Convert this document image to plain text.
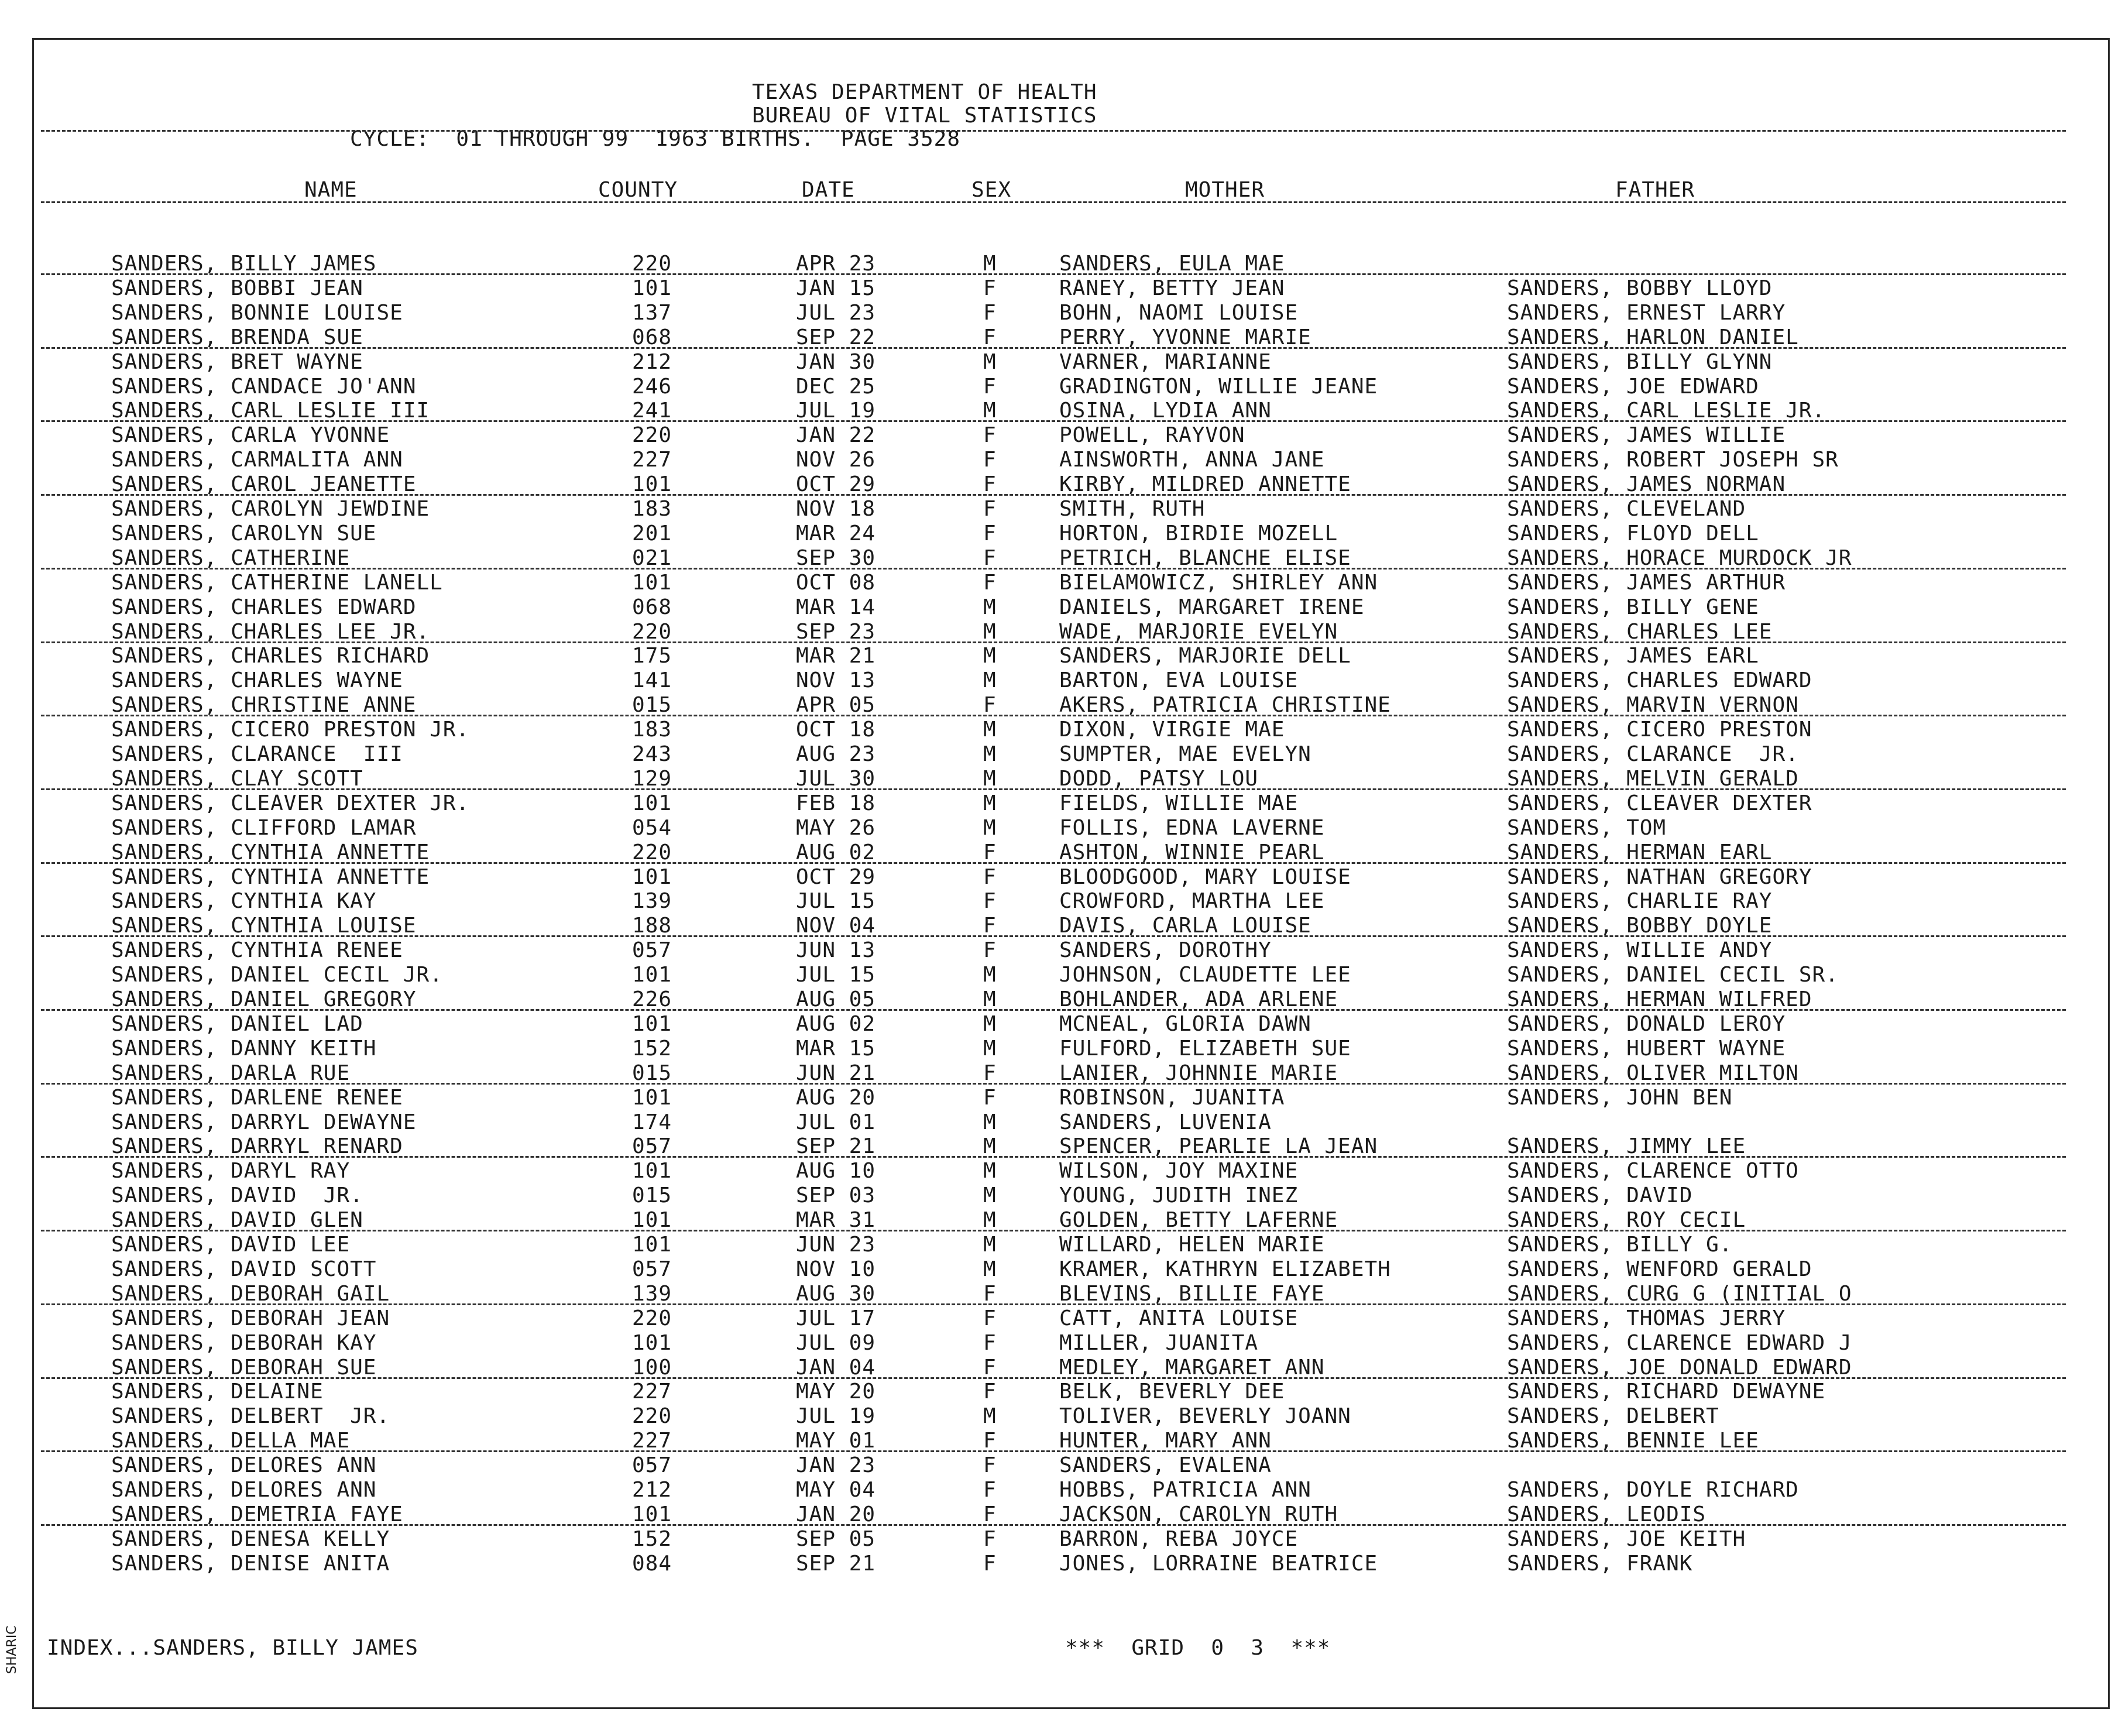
TEXAS DEPARTMENT OF HEALTH
BUREAU OF VITAL STATISTICS
CYCLE:  01 THROUGH 99  1963 BIRTHS.  PAGE 3528
NAME	COUNTY	DATE	SEX	MOTHER	FATHER
SANDERS, BILLY JAMES	220	APR 23	M	SANDERS, EULA MAE
SANDERS, BOBBI JEAN	101	JAN 15	F	RANEY, BETTY JEAN	SANDERS, BOBBY LLOYD
SANDERS, BONNIE LOUISE	137	JUL 23	F	BOHN, NAOMI LOUISE	SANDERS, ERNEST LARRY
SANDERS, BRENDA SUE	068	SEP 22	F	PERRY, YVONNE MARIE	SANDERS, HARLON DANIEL
SANDERS, BRET WAYNE	212	JAN 30	M	VARNER, MARIANNE	SANDERS, BILLY GLYNN
SANDERS, CANDACE JO'ANN	246	DEC 25	F	GRADINGTON, WILLIE JEANE	SANDERS, JOE EDWARD
SANDERS, CARL LESLIE III	241	JUL 19	M	OSINA, LYDIA ANN	SANDERS, CARL LESLIE JR.
SANDERS, CARLA YVONNE	220	JAN 22	F	POWELL, RAYVON	SANDERS, JAMES WILLIE
SANDERS, CARMALITA ANN	227	NOV 26	F	AINSWORTH, ANNA JANE	SANDERS, ROBERT JOSEPH SR
SANDERS, CAROL JEANETTE	101	OCT 29	F	KIRBY, MILDRED ANNETTE	SANDERS, JAMES NORMAN
SANDERS, CAROLYN JEWDINE	183	NOV 18	F	SMITH, RUTH	SANDERS, CLEVELAND
SANDERS, CAROLYN SUE	201	MAR 24	F	HORTON, BIRDIE MOZELL	SANDERS, FLOYD DELL
SANDERS, CATHERINE	021	SEP 30	F	PETRICH, BLANCHE ELISE	SANDERS, HORACE MURDOCK JR
SANDERS, CATHERINE LANELL	101	OCT 08	F	BIELAMOWICZ, SHIRLEY ANN	SANDERS, JAMES ARTHUR
SANDERS, CHARLES EDWARD	068	MAR 14	M	DANIELS, MARGARET IRENE	SANDERS, BILLY GENE
SANDERS, CHARLES LEE JR.	220	SEP 23	M	WADE, MARJORIE EVELYN	SANDERS, CHARLES LEE
SANDERS, CHARLES RICHARD	175	MAR 21	M	SANDERS, MARJORIE DELL	SANDERS, JAMES EARL
SANDERS, CHARLES WAYNE	141	NOV 13	M	BARTON, EVA LOUISE	SANDERS, CHARLES EDWARD
SANDERS, CHRISTINE ANNE	015	APR 05	F	AKERS, PATRICIA CHRISTINE	SANDERS, MARVIN VERNON
SANDERS, CICERO PRESTON JR.	183	OCT 18	M	DIXON, VIRGIE MAE	SANDERS, CICERO PRESTON
SANDERS, CLARANCE  III	243	AUG 23	M	SUMPTER, MAE EVELYN	SANDERS, CLARANCE  JR.
SANDERS, CLAY SCOTT	129	JUL 30	M	DODD, PATSY LOU	SANDERS, MELVIN GERALD
SANDERS, CLEAVER DEXTER JR.	101	FEB 18	M	FIELDS, WILLIE MAE	SANDERS, CLEAVER DEXTER
SANDERS, CLIFFORD LAMAR	054	MAY 26	M	FOLLIS, EDNA LAVERNE	SANDERS, TOM
SANDERS, CYNTHIA ANNETTE	220	AUG 02	F	ASHTON, WINNIE PEARL	SANDERS, HERMAN EARL
SANDERS, CYNTHIA ANNETTE	101	OCT 29	F	BLOODGOOD, MARY LOUISE	SANDERS, NATHAN GREGORY
SANDERS, CYNTHIA KAY	139	JUL 15	F	CROWFORD, MARTHA LEE	SANDERS, CHARLIE RAY
SANDERS, CYNTHIA LOUISE	188	NOV 04	F	DAVIS, CARLA LOUISE	SANDERS, BOBBY DOYLE
SANDERS, CYNTHIA RENEE	057	JUN 13	F	SANDERS, DOROTHY	SANDERS, WILLIE ANDY
SANDERS, DANIEL CECIL JR.	101	JUL 15	M	JOHNSON, CLAUDETTE LEE	SANDERS, DANIEL CECIL SR.
SANDERS, DANIEL GREGORY	226	AUG 05	M	BOHLANDER, ADA ARLENE	SANDERS, HERMAN WILFRED
SANDERS, DANIEL LAD	101	AUG 02	M	MCNEAL, GLORIA DAWN	SANDERS, DONALD LEROY
SANDERS, DANNY KEITH	152	MAR 15	M	FULFORD, ELIZABETH SUE	SANDERS, HUBERT WAYNE
SANDERS, DARLA RUE	015	JUN 21	F	LANIER, JOHNNIE MARIE	SANDERS, OLIVER MILTON
SANDERS, DARLENE RENEE	101	AUG 20	F	ROBINSON, JUANITA	SANDERS, JOHN BEN
SANDERS, DARRYL DEWAYNE	174	JUL 01	M	SANDERS, LUVENIA
SANDERS, DARRYL RENARD	057	SEP 21	M	SPENCER, PEARLIE LA JEAN	SANDERS, JIMMY LEE
SANDERS, DARYL RAY	101	AUG 10	M	WILSON, JOY MAXINE	SANDERS, CLARENCE OTTO
SANDERS, DAVID  JR.	015	SEP 03	M	YOUNG, JUDITH INEZ	SANDERS, DAVID
SANDERS, DAVID GLEN	101	MAR 31	M	GOLDEN, BETTY LAFERNE	SANDERS, ROY CECIL
SANDERS, DAVID LEE	101	JUN 23	M	WILLARD, HELEN MARIE	SANDERS, BILLY G.
SANDERS, DAVID SCOTT	057	NOV 10	M	KRAMER, KATHRYN ELIZABETH	SANDERS, WENFORD GERALD
SANDERS, DEBORAH GAIL	139	AUG 30	F	BLEVINS, BILLIE FAYE	SANDERS, CURG G (INITIAL O
SANDERS, DEBORAH JEAN	220	JUL 17	F	CATT, ANITA LOUISE	SANDERS, THOMAS JERRY
SANDERS, DEBORAH KAY	101	JUL 09	F	MILLER, JUANITA	SANDERS, CLARENCE EDWARD J
SANDERS, DEBORAH SUE	100	JAN 04	F	MEDLEY, MARGARET ANN	SANDERS, JOE DONALD EDWARD
SANDERS, DELAINE	227	MAY 20	F	BELK, BEVERLY DEE	SANDERS, RICHARD DEWAYNE
SANDERS, DELBERT  JR.	220	JUL 19	M	TOLIVER, BEVERLY JOANN	SANDERS, DELBERT
SANDERS, DELLA MAE	227	MAY 01	F	HUNTER, MARY ANN	SANDERS, BENNIE LEE
SANDERS, DELORES ANN	057	JAN 23	F	SANDERS, EVALENA
SANDERS, DELORES ANN	212	MAY 04	F	HOBBS, PATRICIA ANN	SANDERS, DOYLE RICHARD
SANDERS, DEMETRIA FAYE	101	JAN 20	F	JACKSON, CAROLYN RUTH	SANDERS, LEODIS
SANDERS, DENESA KELLY	152	SEP 05	F	BARRON, REBA JOYCE	SANDERS, JOE KEITH
SANDERS, DENISE ANITA	084	SEP 21	F	JONES, LORRAINE BEATRICE	SANDERS, FRANK
INDEX...SANDERS, BILLY JAMES	***  GRID  0  3  ***
SHARIC
